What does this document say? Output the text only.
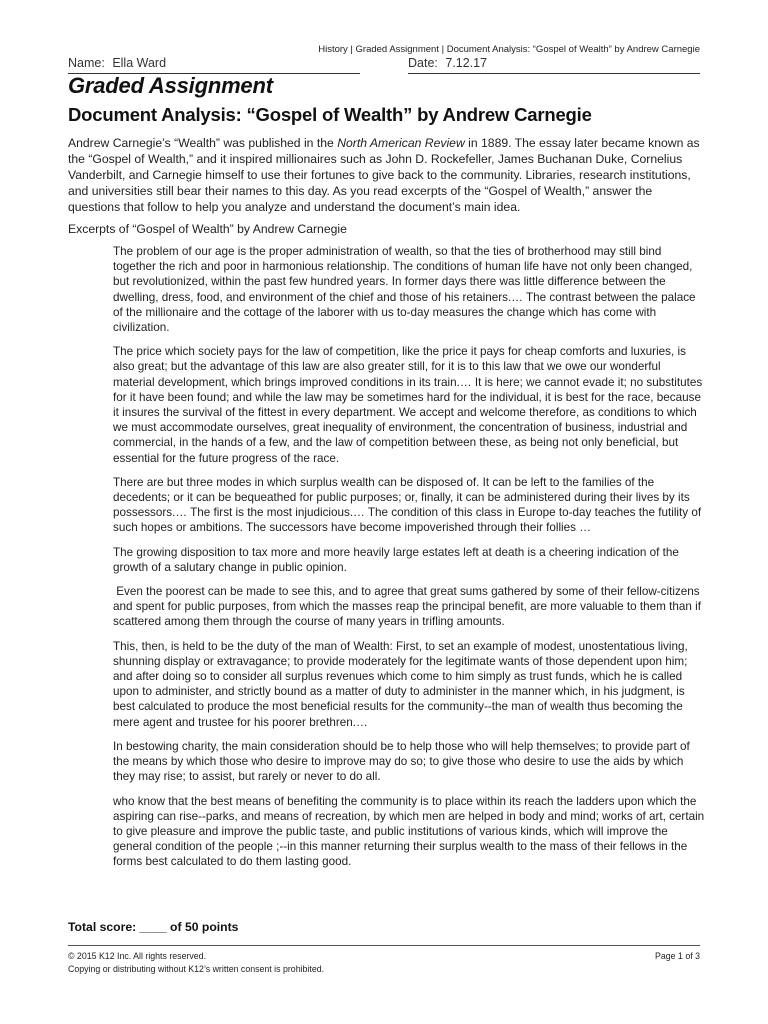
History | Graded Assignment | Document Analysis: “Gospel of Wealth” by Andrew Carnegie
Name: Ella Ward	Date: 7.12.17
Graded Assignment
Document Analysis: “Gospel of Wealth” by Andrew Carnegie
Andrew Carnegie’s “Wealth” was published in the North American Review in 1889. The essay later became known as the “Gospel of Wealth,” and it inspired millionaires such as John D. Rockefeller, James Buchanan Duke, Cornelius Vanderbilt, and Carnegie himself to use their fortunes to give back to the community. Libraries, research institutions, and universities still bear their names to this day. As you read excerpts of the “Gospel of Wealth,” answer the questions that follow to help you analyze and understand the document’s main idea.
Excerpts of “Gospel of Wealth” by Andrew Carnegie

The problem of our age is the proper administration of wealth, so that the ties of brotherhood may still bind together the rich and poor in harmonious relationship. The conditions of human life have not only been changed, but revolutionized, within the past few hundred years. In former days there was little difference between the dwelling, dress, food, and environment of the chief and those of his retainers.… The contrast between the palace of the millionaire and the cottage of the laborer with us to-day measures the change which has come with civilization.

The price which society pays for the law of competition, like the price it pays for cheap comforts and luxuries, is also great; but the advantage of this law are also greater still, for it is to this law that we owe our wonderful material development, which brings improved conditions in its train.… It is here; we cannot evade it; no substitutes for it have been found; and while the law may be sometimes hard for the individual, it is best for the race, because it insures the survival of the fittest in every department. We accept and welcome therefore, as conditions to which we must accommodate ourselves, great inequality of environment, the concentration of business, industrial and commercial, in the hands of a few, and the law of competition between these, as being not only beneficial, but essential for the future progress of the race.

There are but three modes in which surplus wealth can be disposed of. It can be left to the families of the decedents; or it can be bequeathed for public purposes; or, finally, it can be administered during their lives by its possessors.… The first is the most injudicious.… The condition of this class in Europe to-day teaches the futility of such hopes or ambitions. The successors have become impoverished through their follies …

The growing disposition to tax more and more heavily large estates left at death is a cheering indication of the growth of a salutary change in public opinion.

Even the poorest can be made to see this, and to agree that great sums gathered by some of their fellow-citizens and spent for public purposes, from which the masses reap the principal benefit, are more valuable to them than if scattered among them through the course of many years in trifling amounts.

This, then, is held to be the duty of the man of Wealth: First, to set an example of modest, unostentatious living, shunning display or extravagance; to provide moderately for the legitimate wants of those dependent upon him; and after doing so to consider all surplus revenues which come to him simply as trust funds, which he is called upon to administer, and strictly bound as a matter of duty to administer in the manner which, in his judgment, is best calculated to produce the most beneficial results for the community--the man of wealth thus becoming the mere agent and trustee for his poorer brethren.…

In bestowing charity, the main consideration should be to help those who will help themselves; to provide part of the means by which those who desire to improve may do so; to give those who desire to use the aids by which they may rise; to assist, but rarely or never to do all.

who know that the best means of benefiting the community is to place within its reach the ladders upon which the aspiring can rise--parks, and means of recreation, by which men are helped in body and mind; works of art, certain to give pleasure and improve the public taste, and public institutions of various kinds, which will improve the general condition of the people ;--in this manner returning their surplus wealth to the mass of their fellows in the forms best calculated to do them lasting good.

Total score: ____ of 50 points
© 2015 K12 Inc. All rights reserved.
Copying or distributing without K12’s written consent is prohibited.
Page 1 of 3
